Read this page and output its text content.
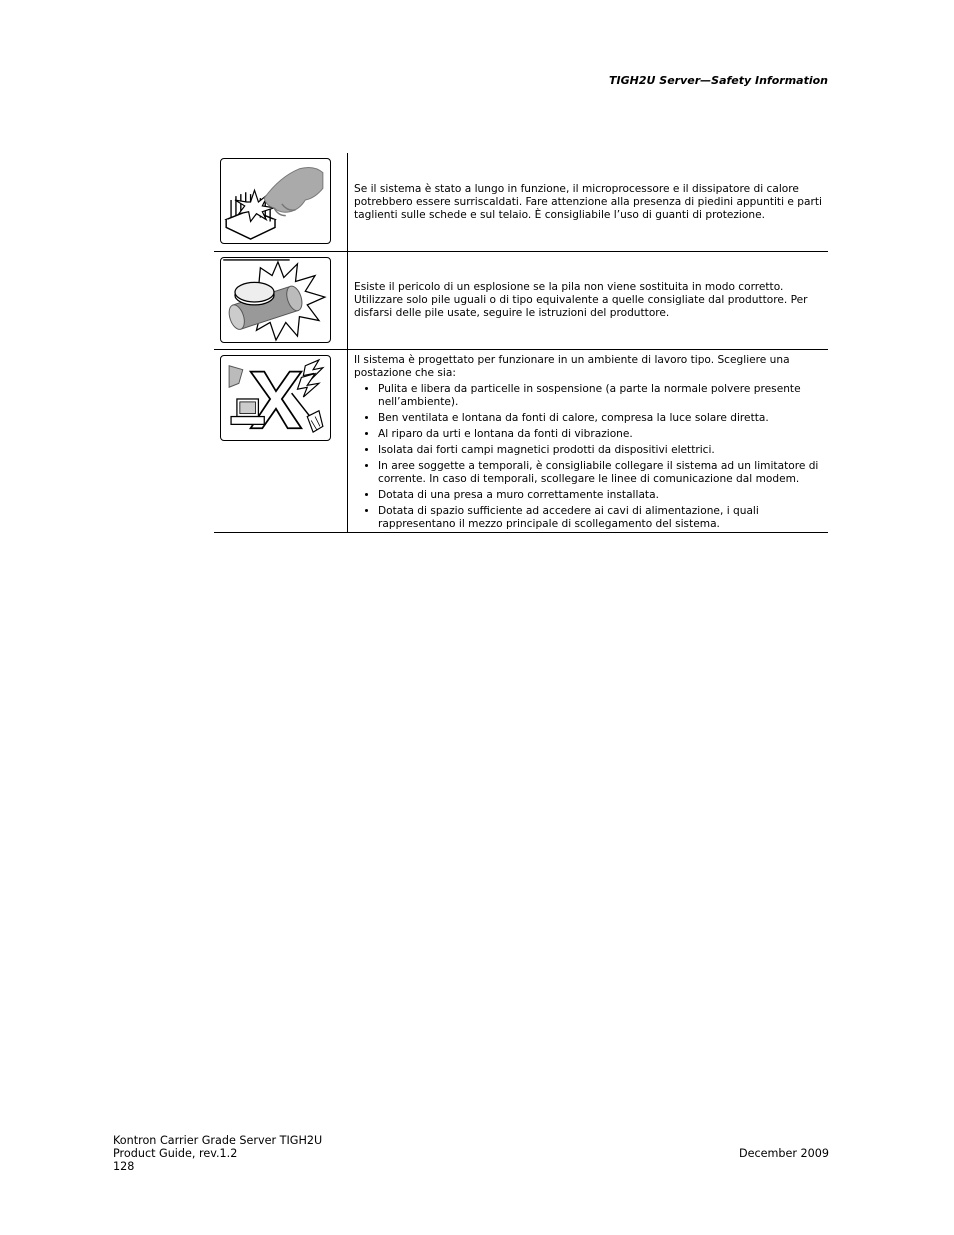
TIGH2U Server—Safety Information
Se il sistema è stato a lungo in funzione, il microprocessore e il dissipatore di calore potrebbero essere surriscaldati. Fare attenzione alla presenza di piedini appuntiti e parti taglienti sulle schede e sul telaio. È consigliabile l’uso di guanti di protezione.
Esiste il pericolo di un esplosione se la pila non viene sostituita in modo corretto. Utilizzare solo pile uguali o di tipo equivalente a quelle consigliate dal produttore. Per disfarsi delle pile usate, seguire le istruzioni del produttore.
Il sistema è progettato per funzionare in un ambiente di lavoro tipo. Scegliere una postazione che sia:
• Pulita e libera da particelle in sospensione (a parte la normale polvere presente nell’ambiente).
• Ben ventilata e lontana da fonti di calore, compresa la luce solare diretta.
• Al riparo da urti e lontana da fonti di vibrazione.
• Isolata dai forti campi magnetici prodotti da dispositivi elettrici.
• In aree soggette a temporali, è consigliabile collegare il sistema ad un limitatore di corrente. In caso di temporali, scollegare le linee di comunicazione dal modem.
• Dotata di una presa a muro correttamente installata.
• Dotata di spazio sufficiente ad accedere ai cavi di alimentazione, i quali rappresentano il mezzo principale di scollegamento del sistema.
Kontron Carrier Grade Server TIGH2U
Product Guide, rev.1.2
128
December 2009
